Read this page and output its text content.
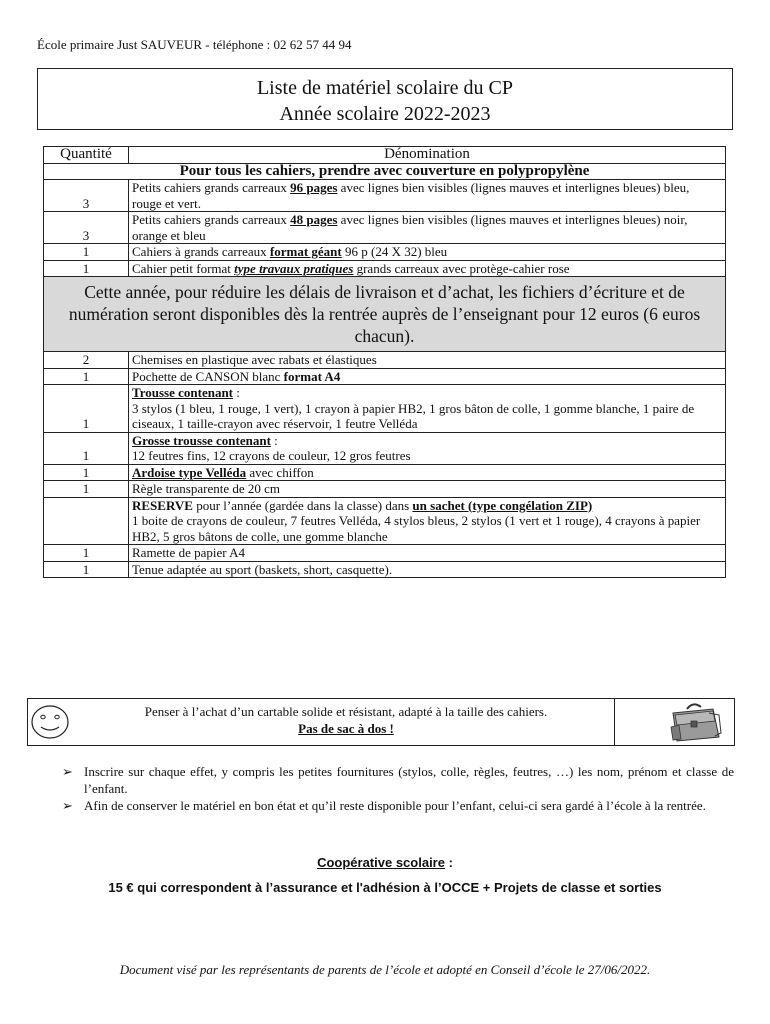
École primaire Just SAUVEUR - téléphone : 02 62 57 44 94
Liste de matériel scolaire du CP
Année scolaire 2022-2023
Quantité	Dénomination
Pour tous les cahiers, prendre avec couverture en polypropylène	
3	Petits cahiers grands carreaux 96 pages avec lignes bien visibles (lignes mauves et interlignes bleues) bleu, rouge et vert.
3	Petits cahiers grands carreaux 48 pages avec lignes bien visibles (lignes mauves et interlignes bleues) noir, orange et bleu
1	Cahiers à grands carreaux format géant 96 p (24 X 32) bleu
1	Cahier petit format type travaux pratiques grands carreaux avec protège-cahier rose
Cette année, pour réduire les délais de livraison et d’achat, les fichiers d’écriture et de numération seront disponibles dès la rentrée auprès de l’enseignant pour 12 euros (6 euros chacun).	
2	Chemises en plastique avec rabats et élastiques
1	Pochette de CANSON blanc format A4
1	Trousse contenant :
3 stylos (1 bleu, 1 rouge, 1 vert), 1 crayon à papier HB2, 1 gros bâton de colle, 1 gomme blanche, 1 paire de ciseaux, 1 taille-crayon avec réservoir, 1 feutre Velléda

1	Grosse trousse contenant :
12 feutres fins, 12 crayons de couleur, 12 gros feutres

1	Ardoise type Velléda avec chiffon
1	Règle transparente de 20 cm

	RESERVE pour l’année (gardée dans la classe) dans un sachet (type congélation ZIP)
1 boite de crayons de couleur, 7 feutres Velléda, 4 stylos bleus, 2 stylos (1 vert et 1 rouge), 4 crayons à papier HB2, 5 gros bâtons de colle, une gomme blanche

1	Ramette de papier A4
1	Tenue adaptée au sport (baskets, short, casquette).
Penser à l’achat d’un cartable solide et résistant, adapté à la taille des cahiers.
Pas de sac à dos !
➢ Inscrire sur chaque effet, y compris les petites fournitures (stylos, colle, règles, feutres, …) les nom, prénom et classe de l’enfant.
➢ Afin de conserver le matériel en bon état et qu’il reste disponible pour l’enfant, celui-ci sera gardé à l’école à la rentrée.
Coopérative scolaire :
15 € qui correspondent à l’assurance et l'adhésion à l’OCCE + Projets de classe et sorties
Document visé par les représentants de parents de l’école et adopté en Conseil d’école le 27/06/2022.
